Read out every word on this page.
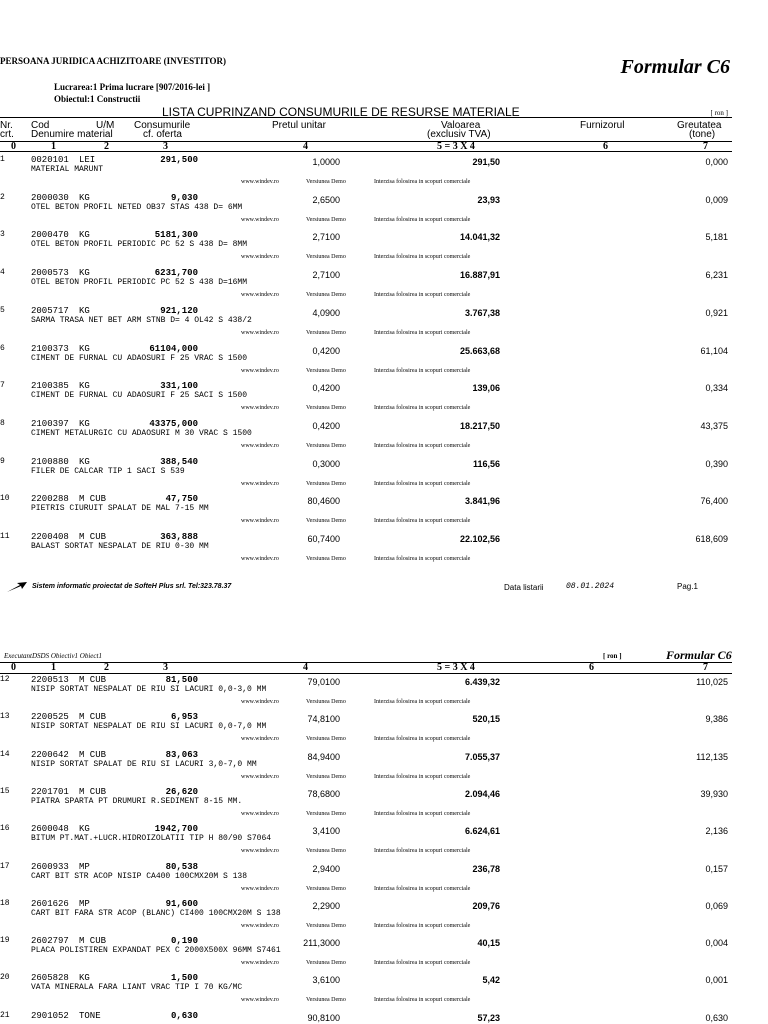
PERSOANA JURIDICA ACHIZITOARE (INVESTITOR)	Formular C6
Lucrarea:1 Prima lucrare [907/2016-lei ]
Obiectul:1 Constructii
LISTA CUPRINZAND CONSUMURILE DE RESURSE MATERIALE	[ ron ]
Nr.
crt.
Cod	U/M
Denumire material
Consumurile
cf. oferta
Pretul unitar	Valoarea
(exclusiv TVA)
Furnizorul	Greutatea
(tone)
0	1	2	3	4	5 = 3 X 4	6	7
1	0020101 LEI	291,500
MATERIAL MARUNT
1,0000	291,50	0,000
www.windev.ro	Versiunea Demo	Interzisa folosirea in scopuri comerciale
2	2000030 KG	9,030
OTEL BETON PROFIL NETED OB37 STAS 438 D= 6MM
2,6500	23,93	0,009
www.windev.ro	Versiunea Demo	Interzisa folosirea in scopuri comerciale
3	2000470 KG	5181,300
OTEL BETON PROFIL PERIODIC PC 52 S 438 D= 8MM
2,7100	14.041,32	5,181
www.windev.ro	Versiunea Demo	Interzisa folosirea in scopuri comerciale
4	2000573 KG	6231,700
OTEL BETON PROFIL PERIODIC PC 52 S 438 D=16MM
2,7100	16.887,91	6,231
www.windev.ro	Versiunea Demo	Interzisa folosirea in scopuri comerciale
5	2005717 KG	921,120
SARMA TRASA NET BET ARM STNB D= 4 OL42 S 438/2
4,0900	3.767,38	0,921
www.windev.ro	Versiunea Demo	Interzisa folosirea in scopuri comerciale
6	2100373 KG	61104,000
CIMENT DE FURNAL CU ADAOSURI F 25 VRAC S 1500
0,4200	25.663,68	61,104
www.windev.ro	Versiunea Demo	Interzisa folosirea in scopuri comerciale
7	2100385 KG	331,100
CIMENT DE FURNAL CU ADAOSURI F 25 SACI S 1500
0,4200	139,06	0,334
www.windev.ro	Versiunea Demo	Interzisa folosirea in scopuri comerciale
8	2100397 KG	43375,000
CIMENT METALURGIC CU ADAOSURI M 30 VRAC S 1500
0,4200	18.217,50	43,375
www.windev.ro	Versiunea Demo	Interzisa folosirea in scopuri comerciale
9	2100880 KG	388,540
FILER DE CALCAR TIP 1 SACI S 539
0,3000	116,56	0,390
www.windev.ro	Versiunea Demo	Interzisa folosirea in scopuri comerciale
10 2200288 M CUB	47,750
PIETRIS CIURUIT SPALAT DE MAL 7-15 MM
80,4600	3.841,96	76,400
www.windev.ro	Versiunea Demo	Interzisa folosirea in scopuri comerciale
11 2200408 M CUB	363,888
BALAST SORTAT NESPALAT DE RIU 0-30 MM
60,7400	22.102,56	618,609
www.windev.ro	Versiunea Demo	Interzisa folosirea in scopuri comerciale
Sistem informatic proiectat de SofteH Plus srl. Tel:323.78.37	Data listarii	08.01.2024	Pag.1
ExecutantDSDS Obiectiv1 Obiect1	[ ron ]	Formular C6
0	1	2	3	4	5 = 3 X 4	6	7
12 2200513 M CUB	81,500
NISIP SORTAT NESPALAT DE RIU SI LACURI 0,0-3,0 MM
79,0100	6.439,32	110,025
www.windev.ro	Versiunea Demo	Interzisa folosirea in scopuri comerciale
13 2200525 M CUB	6,953
NISIP SORTAT NESPALAT DE RIU SI LACURI 0,0-7,0 MM
74,8100	520,15	9,386
www.windev.ro	Versiunea Demo	Interzisa folosirea in scopuri comerciale
14 2200642 M CUB	83,063
NISIP SORTAT SPALAT DE RIU SI LACURI 3,0-7,0 MM
84,9400	7.055,37	112,135
www.windev.ro	Versiunea Demo	Interzisa folosirea in scopuri comerciale
15 2201701 M CUB	26,620
PIATRA SPARTA PT DRUMURI R.SEDIMENT 8-15 MM.
78,6800	2.094,46	39,930
www.windev.ro	Versiunea Demo	Interzisa folosirea in scopuri comerciale
16 2600048 KG	1942,700
BITUM PT.MAT.+LUCR.HIDROIZOLATII TIP H 80/90 S7064
3,4100	6.624,61	2,136
www.windev.ro	Versiunea Demo	Interzisa folosirea in scopuri comerciale
17 2600933 MP	80,538
CART BIT STR ACOP NISIP CA400 100CMX20M S 138
2,9400	236,78	0,157
www.windev.ro	Versiunea Demo	Interzisa folosirea in scopuri comerciale
18 2601626 MP	91,600
CART BIT FARA STR ACOP (BLANC) CI400 100CMX20M S 138
2,2900	209,76	0,069
www.windev.ro	Versiunea Demo	Interzisa folosirea in scopuri comerciale
19 2602797 M CUB	0,190
PLACA POLISTIREN EXPANDAT PEX C 2000X500X 96MM S7461
211,3000	40,15	0,004
www.windev.ro	Versiunea Demo	Interzisa folosirea in scopuri comerciale
20 2605828 KG	1,500
VATA MINERALA FARA LIANT VRAC TIP I 70 KG/MC
3,6100	5,42	0,001
www.windev.ro	Versiunea Demo	Interzisa folosirea in scopuri comerciale
21 2901052 TONE	0,630	90,8100	57,23	0,630
